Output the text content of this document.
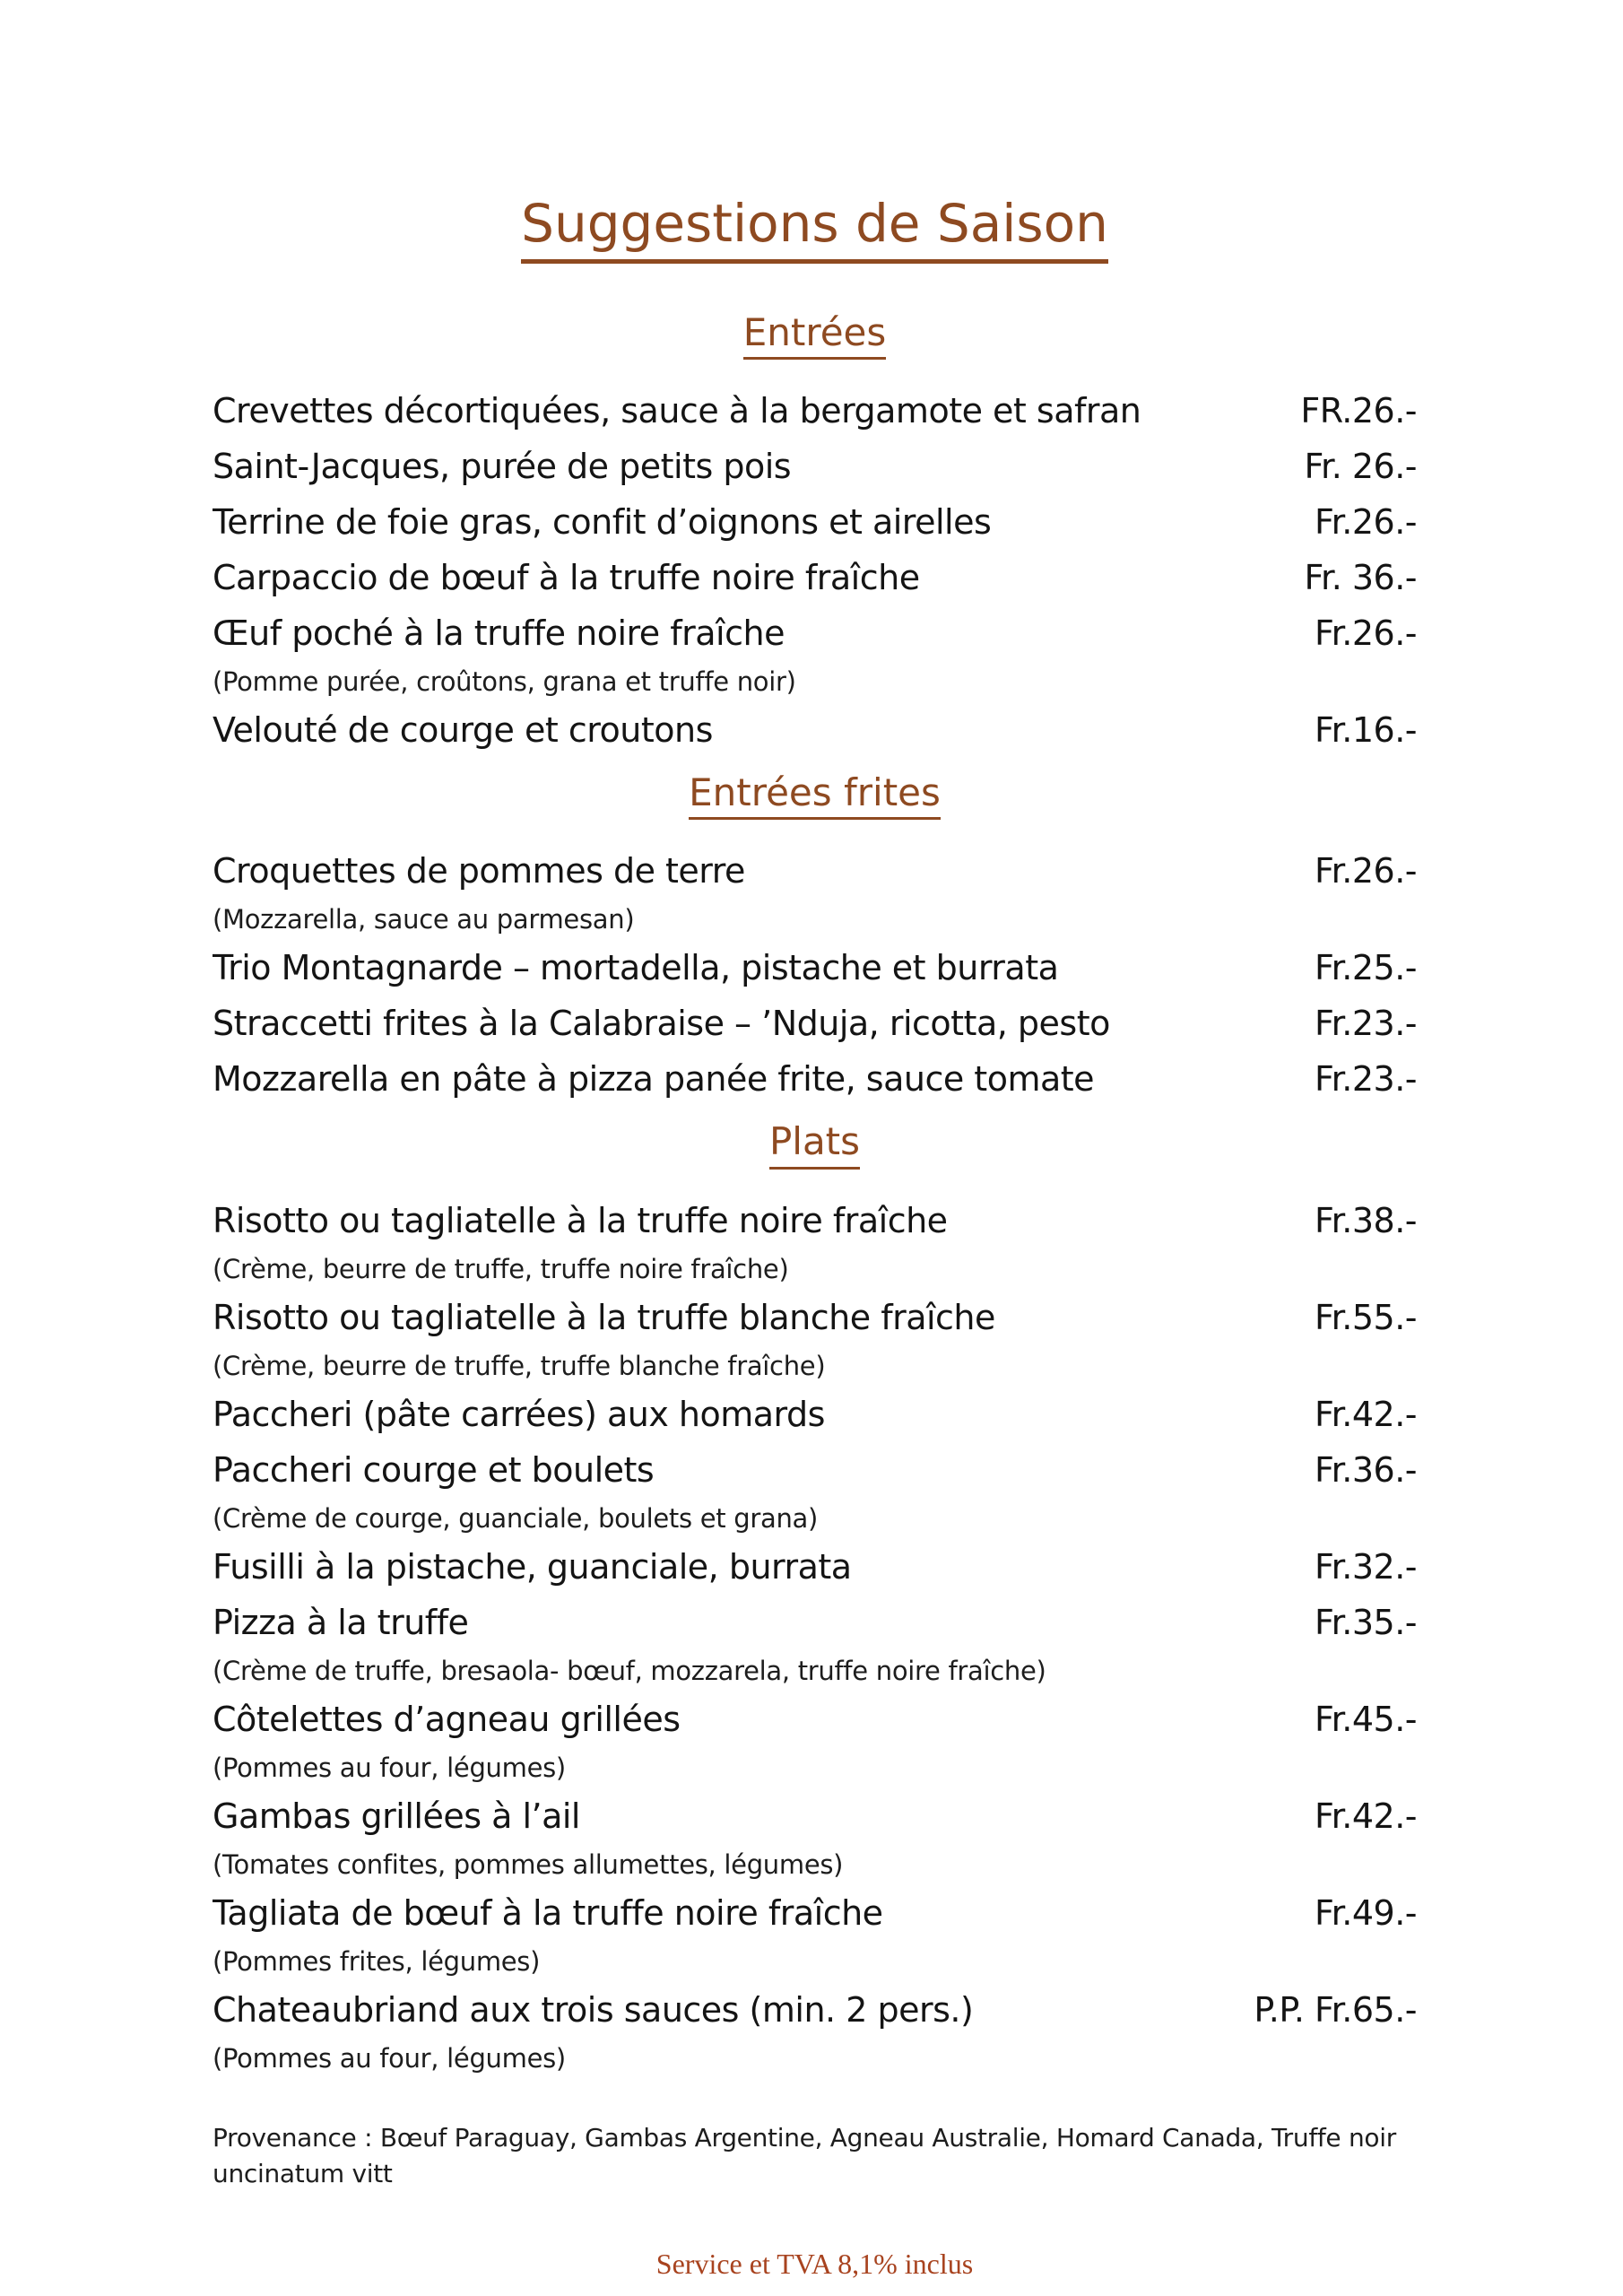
Suggestions de Saison
Entrées
Crevettes décortiquées, sauce à la bergamote et safran	FR.26.-
Saint-Jacques, purée de petits pois	Fr. 26.-
Terrine de foie gras, confit d’oignons et airelles	Fr.26.-
Carpaccio de bœuf à la truffe noire fraîche	Fr. 36.-
Œuf poché à la truffe noire fraîche	Fr.26.-
(Pomme purée, croûtons, grana et truffe noir)
Velouté de courge et croutons	Fr.16.-
Entrées frites
Croquettes de pommes de terre	Fr.26.-
(Mozzarella, sauce au parmesan)
Trio Montagnarde – mortadella, pistache et burrata	Fr.25.-
Straccetti frites à la Calabraise – ’Nduja, ricotta, pesto	Fr.23.-
Mozzarella en pâte à pizza panée frite, sauce tomate	Fr.23.-
Plats
Risotto ou tagliatelle à la truffe noire fraîche	Fr.38.-
(Crème, beurre de truffe, truffe noire fraîche)
Risotto ou tagliatelle à la truffe blanche fraîche	Fr.55.-
(Crème, beurre de truffe, truffe blanche fraîche)
Paccheri (pâte carrées) aux homards	Fr.42.-
Paccheri courge et boulets	Fr.36.-
(Crème de courge, guanciale, boulets et grana)
Fusilli à la pistache, guanciale, burrata	Fr.32.-
Pizza à la truffe	Fr.35.-
(Crème de truffe, bresaola- bœuf, mozzarela, truffe noire fraîche)
Côtelettes d’agneau grillées	Fr.45.-
(Pommes au four, légumes)
Gambas grillées à l’ail	Fr.42.-
(Tomates confites, pommes allumettes, légumes)
Tagliata de bœuf à la truffe noire fraîche	Fr.49.-
(Pommes frites, légumes)
Chateaubriand aux trois sauces (min. 2 pers.)	P.P. Fr.65.-
(Pommes au four, légumes)

Provenance : Bœuf Paraguay, Gambas Argentine, Agneau Australie, Homard Canada, Truffe noir uncinatum vitt

Service et TVA 8,1% inclus
